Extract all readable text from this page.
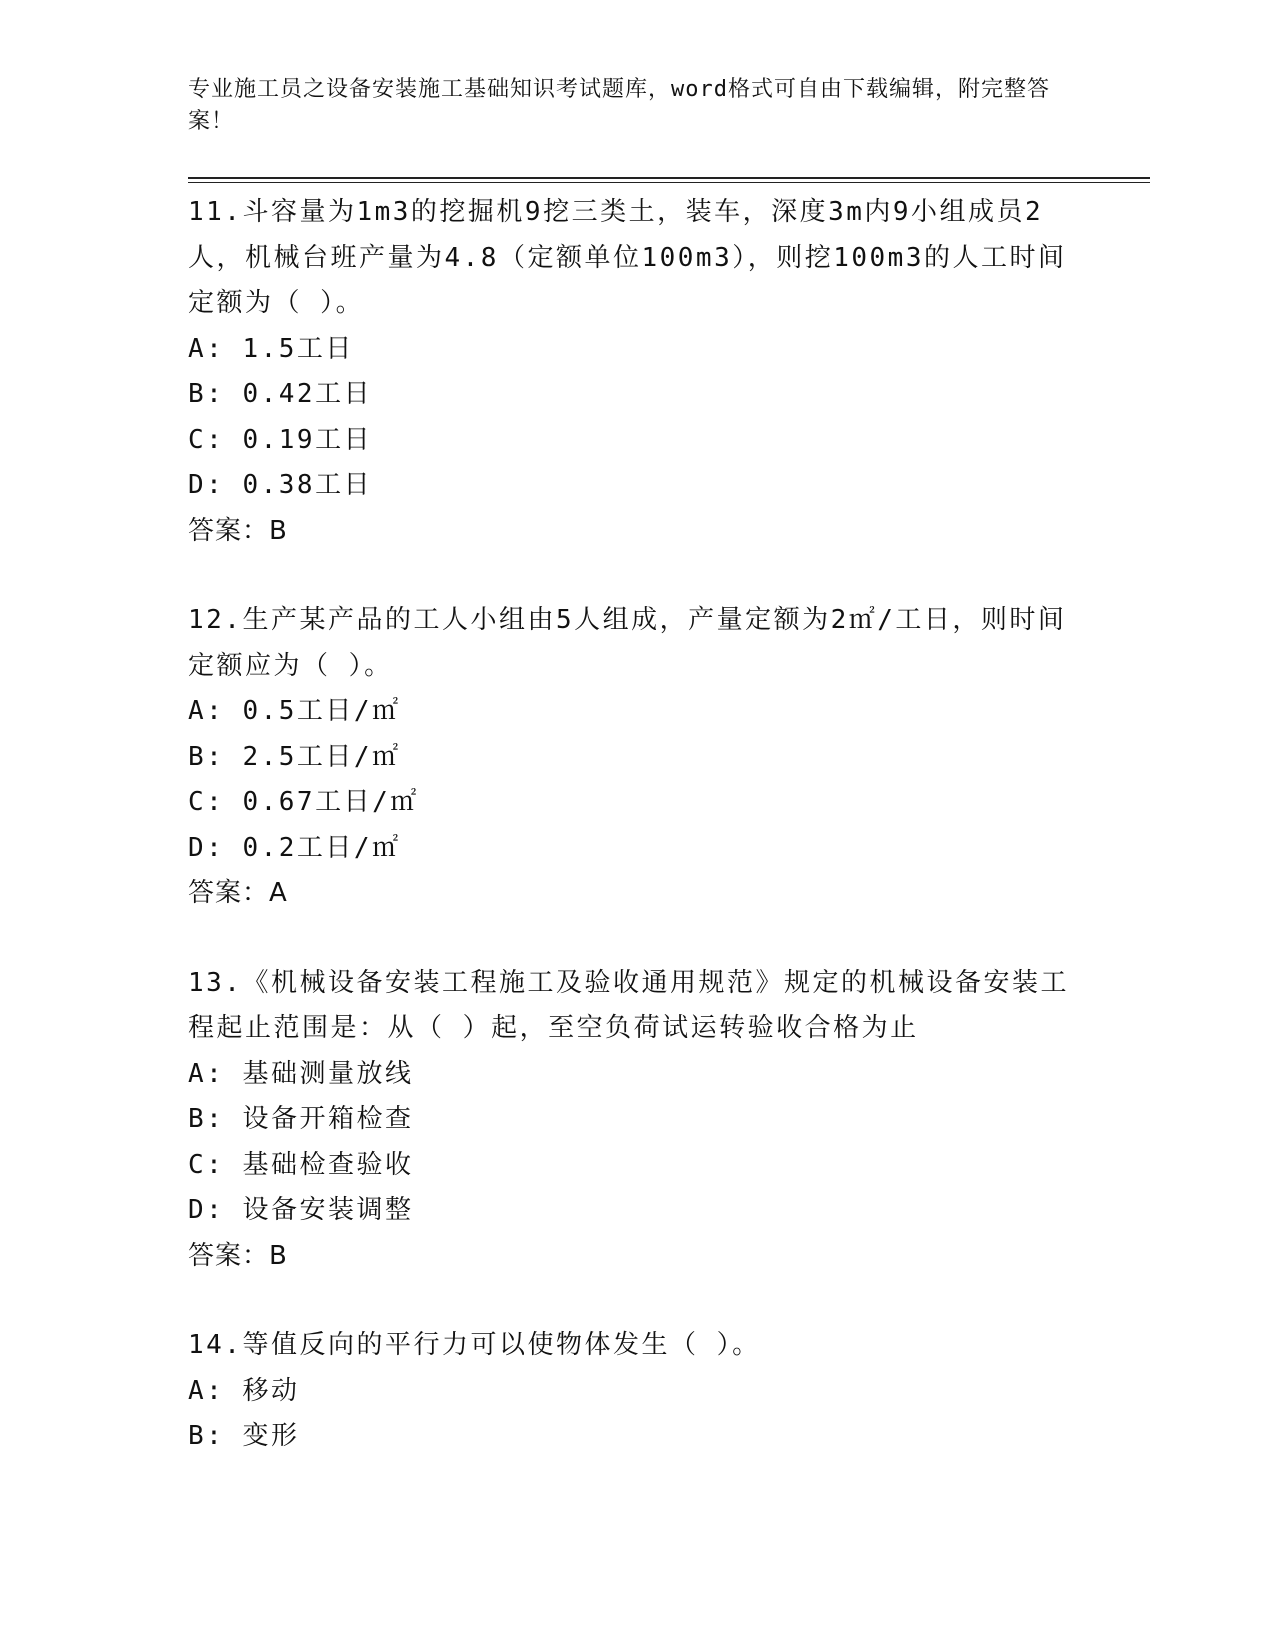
专业施工员之设备安装施工基础知识考试题库，word格式可自由下载编辑，附完整答案！
11.斗容量为1m3的挖掘机9挖三类土，装车，深度3m内9小组成员2人，机械台班产量为4.8（定额单位100m3），则挖100m3的人工时间定额为（ ）。
A: 1.5工日
B: 0.42工日
C: 0.19工日
D: 0.38工日
答案：B
12.生产某产品的工人小组由5人组成，产量定额为2㎡/工日，则时间定额应为（ ）。
A: 0.5工日/㎡
B: 2.5工日/㎡
C: 0.67工日/㎡
D: 0.2工日/㎡
答案：A
13.《机械设备安装工程施工及验收通用规范》规定的机械设备安装工程起止范围是：从（ ）起，至空负荷试运转验收合格为止
A: 基础测量放线
B: 设备开箱检查
C: 基础检查验收
D: 设备安装调整
答案：B
14.等值反向的平行力可以使物体发生（ ）。
A: 移动
B: 变形
